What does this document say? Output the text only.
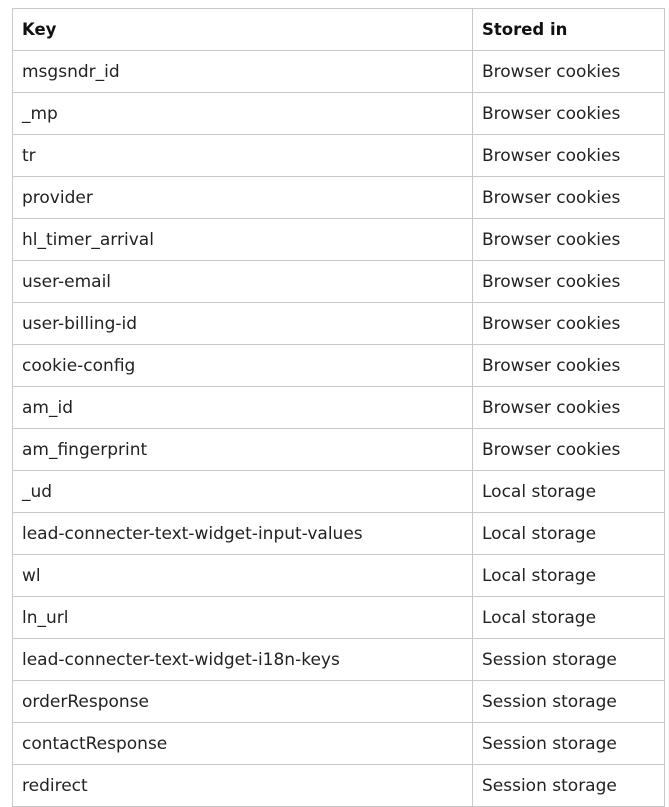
Key	Stored in
msgsndr_id	Browser cookies
_mp	Browser cookies
tr	Browser cookies
provider	Browser cookies
hl_timer_arrival	Browser cookies
user-email	Browser cookies
user-billing-id	Browser cookies
cookie-config	Browser cookies
am_id	Browser cookies
am_fingerprint	Browser cookies
_ud	Local storage
lead-connecter-text-widget-input-values	Local storage
wl	Local storage
ln_url	Local storage
lead-connecter-text-widget-i18n-keys	Session storage
orderResponse	Session storage
contactResponse	Session storage
redirect	Session storage
